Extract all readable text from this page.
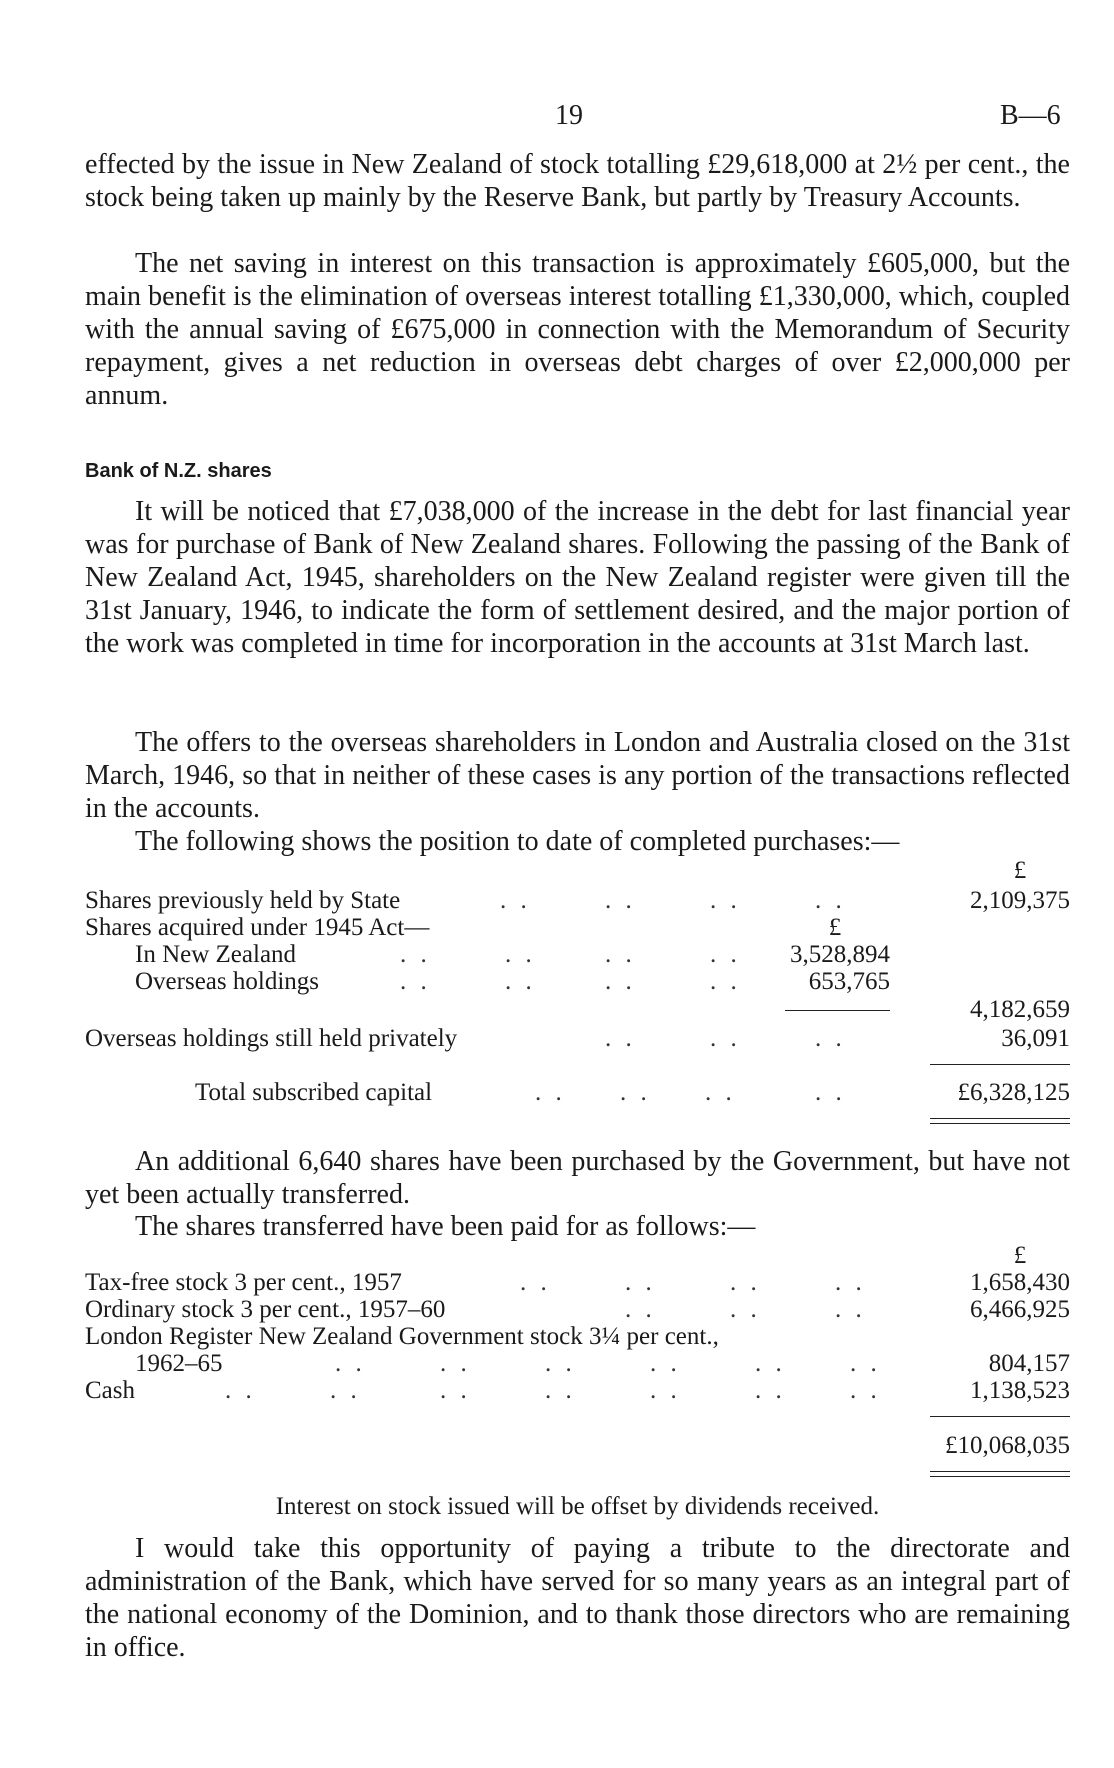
19	B—6

effected by the issue in New Zealand of stock totalling £29,618,000 at 2½ per cent., the stock being taken up mainly by the Reserve Bank, but partly by Treasury Accounts.

The net saving in interest on this transaction is approximately £605,000, but the main benefit is the elimination of overseas interest totalling £1,330,000, which, coupled with the annual saving of £675,000 in connection with the Memorandum of Security repayment, gives a net reduction in overseas debt charges of over £2,000,000 per annum.

Bank of N.Z. shares

It will be noticed that £7,038,000 of the increase in the debt for last financial year was for purchase of Bank of New Zealand shares. Following the passing of the Bank of New Zealand Act, 1945, shareholders on the New Zealand register were given till the 31st January, 1946, to indicate the form of settlement desired, and the major portion of the work was completed in time for incorporation in the accounts at 31st March last.

The offers to the overseas shareholders in London and Australia closed on the 31st March, 1946, so that in neither of these cases is any portion of the transactions reflected in the accounts.

The following shows the position to date of completed purchases:—

£
Shares previously held by State	. .	. .	. .	. .	2,109,375
Shares acquired under 1945 Act—	£
In New Zealand	. .	. .	. .	. .	3,528,894
Overseas holdings	. .	. .	. .	. .	653,765
4,182,659
Overseas holdings still held privately	. .	. .	. .	36,091
Total subscribed capital	. . . . . .	. .	£6,328,125

An additional 6,640 shares have been purchased by the Government, but have not yet been actually transferred.

The shares transferred have been paid for as follows:—

£
Tax-free stock 3 per cent., 1957	. .	. .	. .	. .	1,658,430
Ordinary stock 3 per cent., 1957–60	. .	. .	. .	6,466,925
London Register New Zealand Government stock 3¼ per cent.,
1962–65	. .	. .	. .	. .	. .	. .	804,157
Cash	. .	. .	. .	. .	. .	. .	. .	1,138,523
£10,068,035
Interest on stock issued will be offset by dividends received.

I would take this opportunity of paying a tribute to the directorate and administration of the Bank, which have served for so many years as an integral part of the national economy of the Dominion, and to thank those directors who are remaining in office.
